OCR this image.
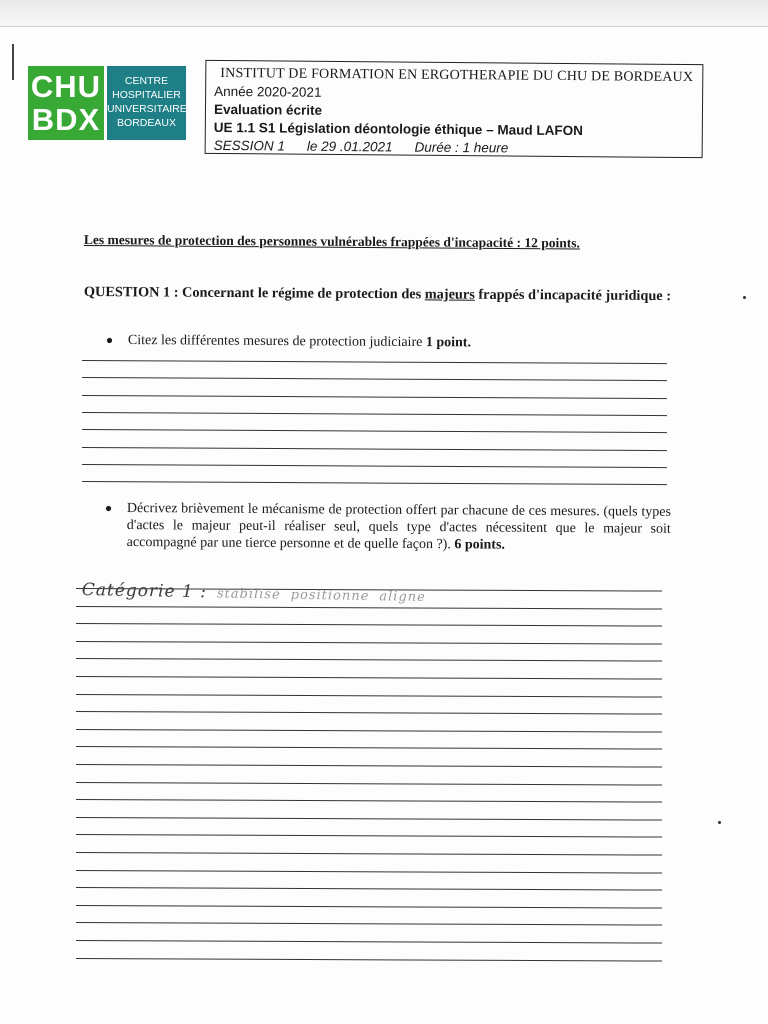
CHU
BDX
CENTRE
HOSPITALIER
UNIVERSITAIRE
BORDEAUX
INSTITUT DE FORMATION EN ERGOTHERAPIE DU CHU DE BORDEAUX
Année 2020-2021
Evaluation écrite
UE 1.1 S1 Législation déontologie éthique – Maud LAFON
SESSION 1 le 29 .01.2021 Durée : 1 heure
Les mesures de protection des personnes vulnérables frappées d'incapacité : 12 points.
QUESTION 1 : Concernant le régime de protection des majeurs frappés d'incapacité juridique :
● Citez les différentes mesures de protection judiciaire 1 point.
● Décrivez brièvement le mécanisme de protection offert par chacune de ces mesures. (quels types d'actes le majeur peut-il réaliser seul, quels type d'actes nécessitent que le majeur soit accompagné par une tierce personne et de quelle façon ?). 6 points.
Catégorie 1 : stabilise positionne aligne
